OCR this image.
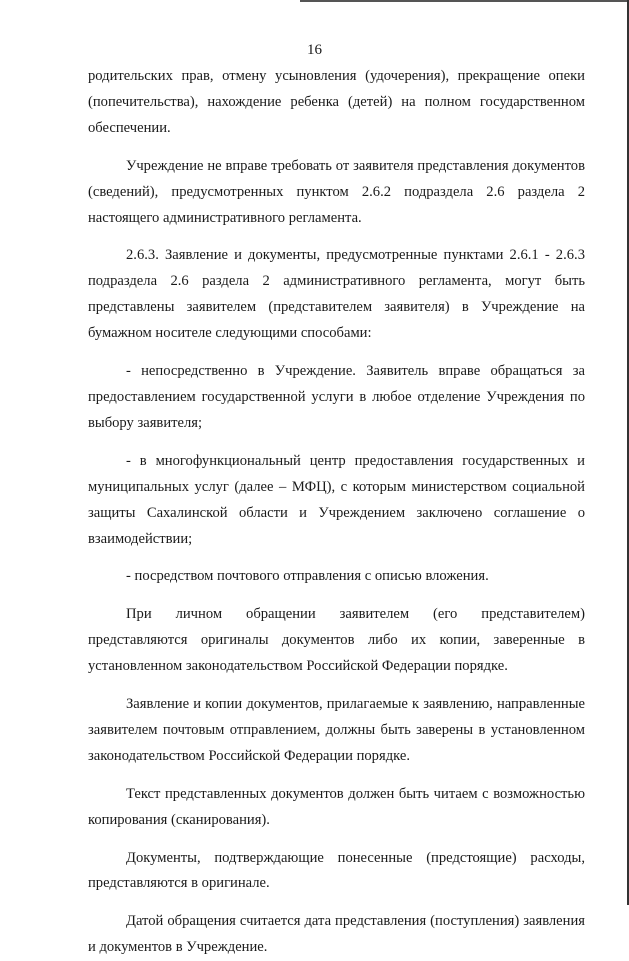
16

родительских прав, отмену усыновления (удочерения), прекращение опеки (попечительства), нахождение ребенка (детей) на полном государственном обеспечении.

Учреждение не вправе требовать от заявителя представления документов (сведений), предусмотренных пунктом 2.6.2 подраздела 2.6 раздела 2 настоящего административного регламента.

2.6.3. Заявление и документы, предусмотренные пунктами 2.6.1 - 2.6.3 подраздела 2.6 раздела 2 административного регламента, могут быть представлены заявителем (представителем заявителя) в Учреждение на бумажном носителе следующими способами:

- непосредственно в Учреждение. Заявитель вправе обращаться за предоставлением государственной услуги в любое отделение Учреждения по выбору заявителя;

- в многофункциональный центр предоставления государственных и муниципальных услуг (далее – МФЦ), с которым министерством социальной защиты Сахалинской области и Учреждением заключено соглашение о взаимодействии;

- посредством почтового отправления с описью вложения.

При личном обращении заявителем (его представителем) представляются оригиналы документов либо их копии, заверенные в установленном законодательством Российской Федерации порядке.

Заявление и копии документов, прилагаемые к заявлению, направленные заявителем почтовым отправлением, должны быть заверены в установленном законодательством Российской Федерации порядке.

Текст представленных документов должен быть читаем с возможностью копирования (сканирования).

Документы, подтверждающие понесенные (предстоящие) расходы, представляются в оригинале.

Датой обращения считается дата представления (поступления) заявления и документов в Учреждение.
